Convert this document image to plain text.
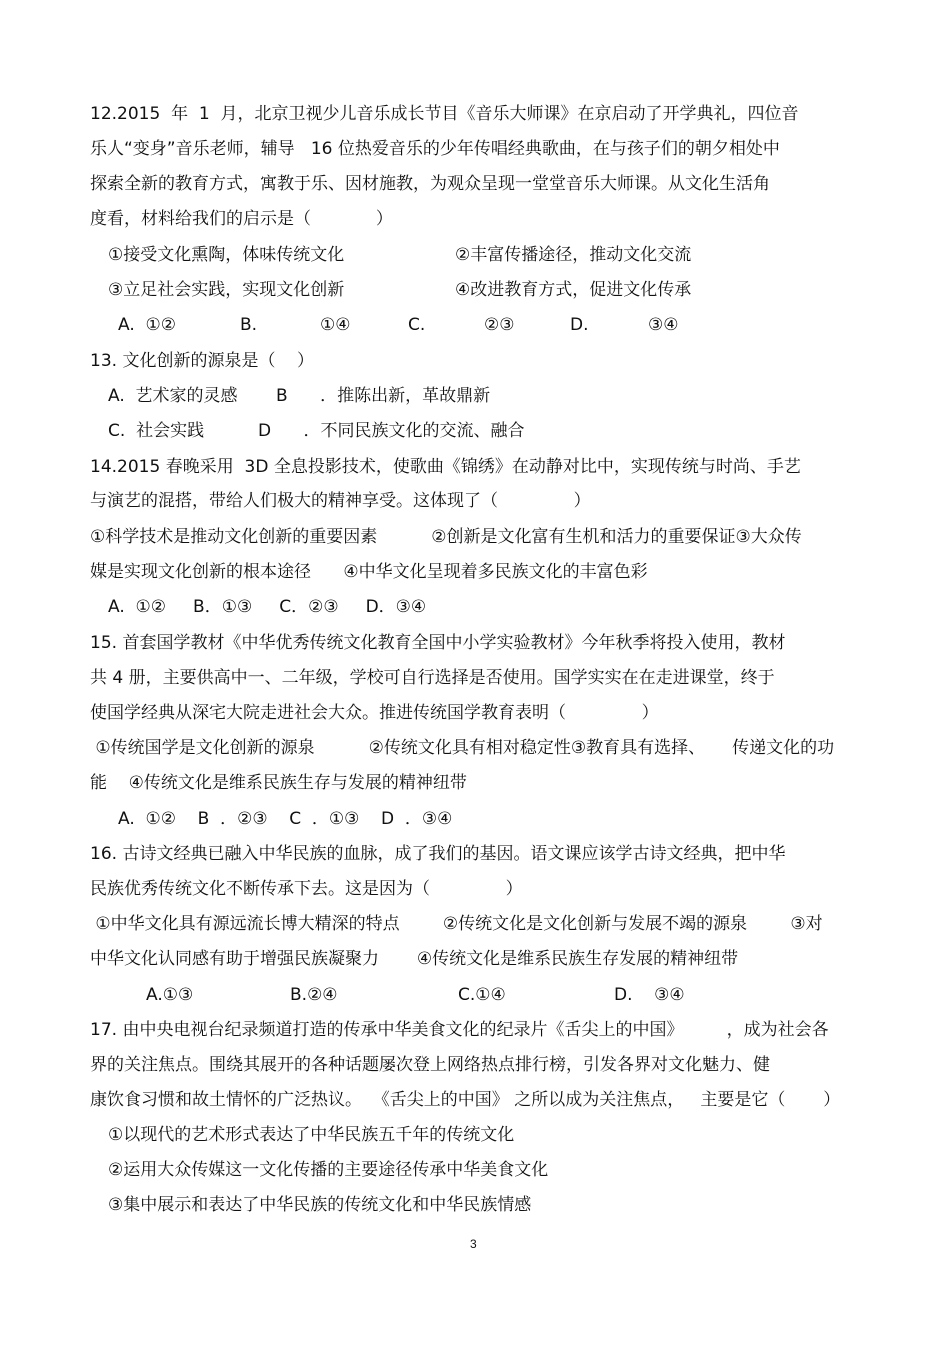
12.2015  年  1  月，北京卫视少儿音乐成长节目《音乐大师课》在京启动了开学典礼，四位音
乐人“变身”音乐老师，辅导   16 位热爱音乐的少年传唱经典歌曲，在与孩子们的朝夕相处中
探索全新的教育方式，寓教于乐、因材施教，为观众呈现一堂堂音乐大师课。从文化生活角
度看，材料给我们的启示是（            ）
①接受文化熏陶，体味传统文化	②丰富传播途径，推动文化交流
③立足社会实践，实现文化创新	④改进教育方式，促进文化传承
A.  ①②	B.	①④	C.	②③	D.	③④
13. 文化创新的源泉是（    ）
A.  艺术家的灵感 B      ．推陈出新，革故鼎新
C.  社会实践	D      ．不同民族文化的交流、融合
14.2015 春晚采用  3D 全息投影技术，使歌曲《锦绣》在动静对比中，实现传统与时尚、手艺
与演艺的混搭，带给人们极大的精神享受。这体现了（              ）
①科学技术是推动文化创新的重要因素          ②创新是文化富有生机和活力的重要保证③大众传
媒是实现文化创新的根本途径      ④中华文化呈现着多民族文化的丰富色彩
A.  ①②     B．①③     C．②③     D．③④
15. 首套国学教材《中华优秀传统文化教育全国中小学实验教材》今年秋季将投入使用，教材
共 4 册，主要供高中一、二年级，学校可自行选择是否使用。国学实实在在走进课堂，终于
使国学经典从深宅大院走进社会大众。推进传统国学教育表明（              ）
①传统国学是文化创新的源泉          ②传统文化具有相对稳定性③教育具有选择、     传递文化的功
能    ④传统文化是维系民族生存与发展的精神纽带
A.  ①②    B  ．②③    C  ．①③    D  ．③④
16. 古诗文经典已融入中华民族的血脉，成了我们的基因。语文课应该学古诗文经典，把中华
民族优秀传统文化不断传承下去。这是因为（              ）
①中华文化具有源远流长博大精深的特点        ②传统文化是文化创新与发展不竭的源泉        ③对
中华文化认同感有助于增强民族凝聚力       ④传统文化是维系民族生存发展的精神纽带
A.①③	B.②④	C.①④	D.    ③④
17. 由中央电视台纪录频道打造的传承中华美食文化的纪录片《舌尖上的中国》        ，成为社会各
界的关注焦点。围绕其展开的各种话题屡次登上网络热点排行榜，引发各界对文化魅力、健
康饮食习惯和故土情怀的广泛热议。  《舌尖上的中国》 之所以成为关注焦点，   主要是它（       ）
①以现代的艺术形式表达了中华民族五千年的传统文化
②运用大众传媒这一文化传播的主要途径传承中华美食文化
③集中展示和表达了中华民族的传统文化和中华民族情感
3
